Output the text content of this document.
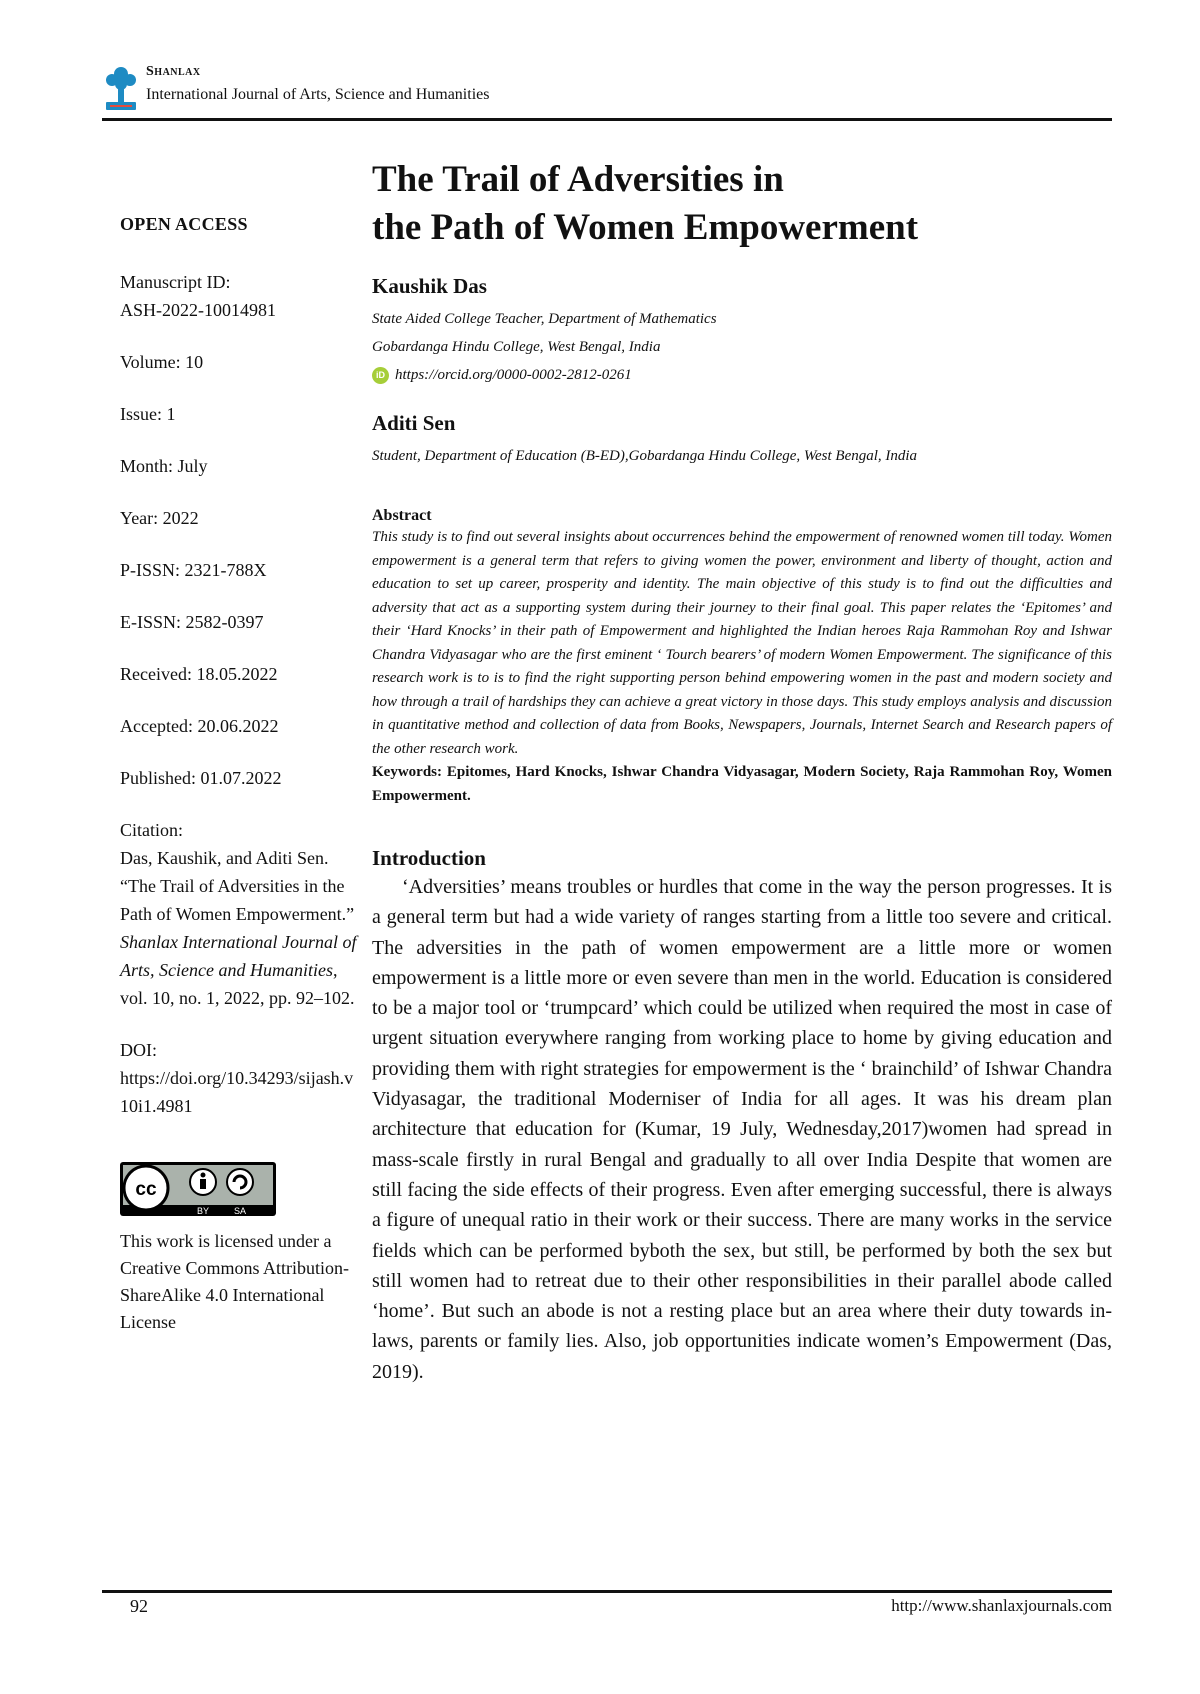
Shanlax
International Journal of Arts, Science and Humanities
OPEN ACCESS
Manuscript ID:
ASH-2022-10014981
Volume: 10
Issue: 1
Month: July
Year: 2022
P-ISSN: 2321-788X
E-ISSN: 2582-0397
Received: 18.05.2022
Accepted: 20.06.2022
Published: 01.07.2022
Citation:
Das, Kaushik, and Aditi Sen. “The Trail of Adversities in the Path of Women Empowerment.” Shanlax International Journal of Arts, Science and Humanities, vol. 10, no. 1, 2022, pp. 92–102.
DOI:
https://doi.org/10.34293/sijash.v10i1.4981
cc
BY	SA
This work is licensed under a Creative Commons Attribution-ShareAlike 4.0 International License
The Trail of Adversities in
the Path of Women Empowerment
Kaushik Das
State Aided College Teacher, Department of Mathematics
Gobardanga Hindu College, West Bengal, India
iD https://orcid.org/0000-0002-2812-0261
Aditi Sen
Student, Department of Education (B-ED),Gobardanga Hindu College, West Bengal, India
Abstract
This study is to find out several insights about occurrences behind the empowerment of renowned women till today. Women empowerment is a general term that refers to giving women the power, environment and liberty of thought, action and education to set up career, prosperity and identity. The main objective of this study is to find out the difficulties and adversity that act as a supporting system during their journey to their final goal. This paper relates the ‘Epitomes’ and their ‘Hard Knocks’ in their path of Empowerment and highlighted the Indian heroes Raja Rammohan Roy and Ishwar Chandra Vidyasagar who are the first eminent ‘ Tourch bearers’ of modern Women Empowerment. The significance of this research work is to is to find the right supporting person behind empowering women in the past and modern society and how through a trail of hardships they can achieve a great victory in those days. This study employs analysis and discussion in quantitative method and collection of data from Books, Newspapers, Journals, Internet Search and Research papers of the other research work.
Keywords: Epitomes, Hard Knocks, Ishwar Chandra Vidyasagar, Modern Society, Raja Rammohan Roy, Women Empowerment.
Introduction
‘Adversities’ means troubles or hurdles that come in the way the person progresses. It is a general term but had a wide variety of ranges starting from a little too severe and critical. The adversities in the path of women empowerment are a little more or women empowerment is a little more or even severe than men in the world. Education is considered to be a major tool or ‘trumpcard’ which could be utilized when required the most in case of urgent situation everywhere ranging from working place to home by giving education and providing them with right strategies for empowerment is the ‘ brainchild’ of Ishwar Chandra Vidyasagar, the traditional Moderniser of India for all ages. It was his dream plan architecture that education for (Kumar, 19 July, Wednesday,2017)women had spread in mass-scale firstly in rural Bengal and gradually to all over India Despite that women are still facing the side effects of their progress. Even after emerging successful, there is always a figure of unequal ratio in their work or their success. There are many works in the service fields which can be performed byboth the sex, but still, be performed by both the sex but still women had to retreat due to their other responsibilities in their parallel abode called ‘home’. But such an abode is not a resting place but an area where their duty towards in-laws, parents or family lies. Also, job opportunities indicate women’s Empowerment (Das, 2019).
92	http://www.shanlaxjournals.com
